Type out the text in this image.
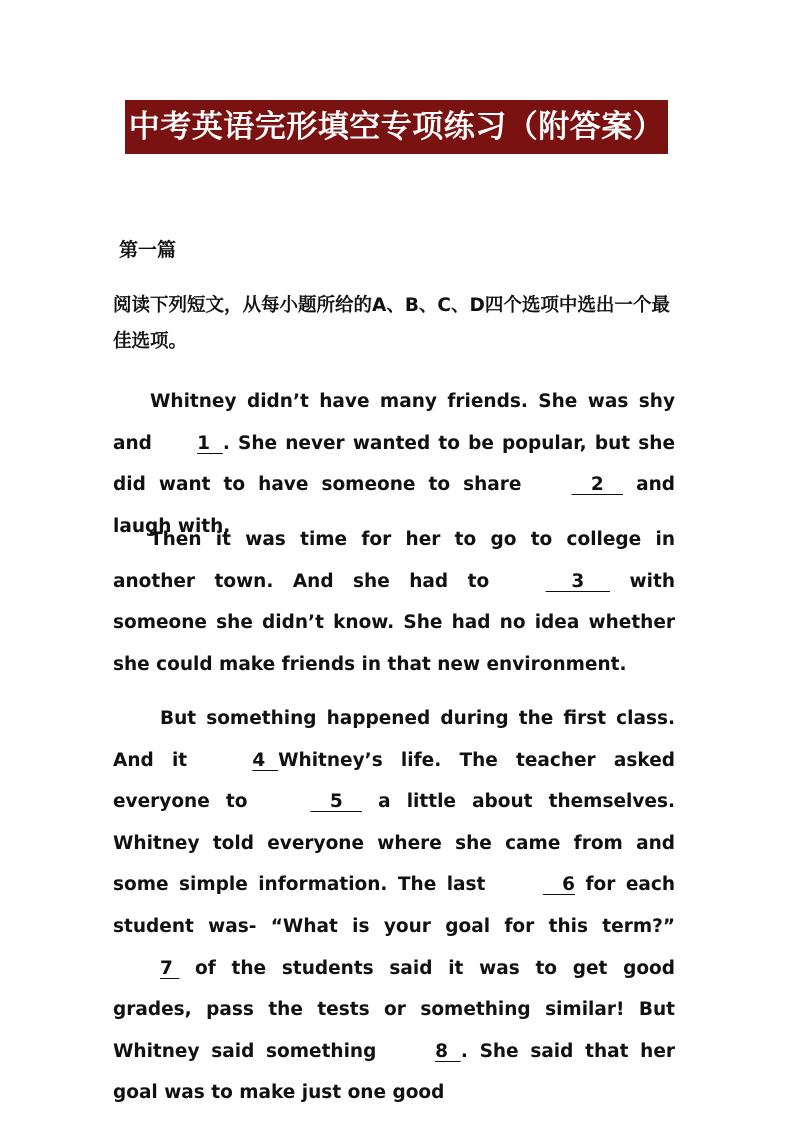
中考英语完形填空专项练习（附答案）
第一篇
阅读下列短文，从每小题所给的A、B、C、D四个选项中选出一个最佳选项。
Whitney didn’t have many friends. She was shy and 1  . She never wanted to be popular, but she did want to have someone to share    2    and laugh with.
Then it was time for her to go to college in another town. And she had to     3     with someone she didn’t know. She had no idea whether she could make friends in that new environment.
But something happened during the first class. And it	4  Whitney’s life. The teacher asked everyone to	5    a little about themselves. Whitney told everyone where she came from and some simple information. The last	6 for each student was- “What is your goal for this term?” 7  of the students said it was to get good grades, pass the tests or something similar! But Whitney said something	8  . She said that her goal was to make just one good
